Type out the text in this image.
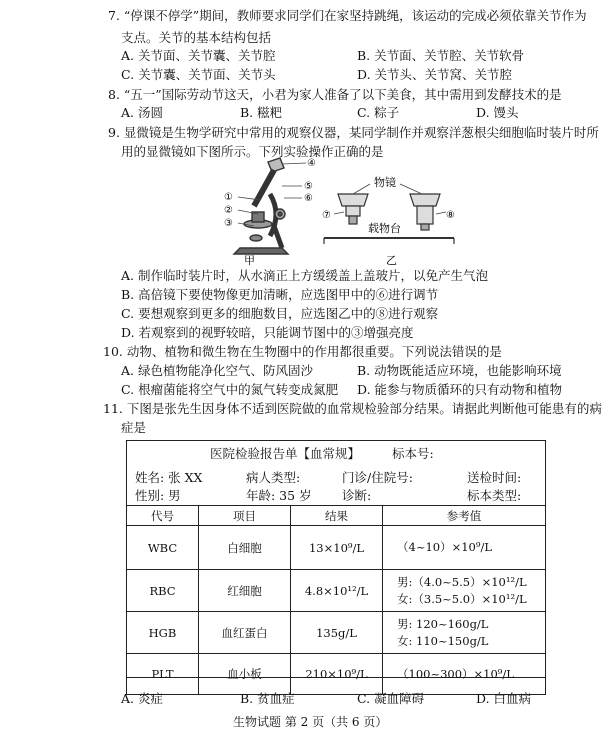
7. “停课不停学”期间，教师要求同学们在家坚持跳绳，该运动的完成必须依靠关节作为
支点。关节的基本结构包括
A. 关节面、关节囊、关节腔	B. 关节面、关节腔、关节软骨
C. 关节囊、关节面、关节头	D. 关节头、关节窝、关节腔
8. “五一”国际劳动节这天，小君为家人准备了以下美食，其中需用到发酵技术的是
A. 汤圆	B. 糍粑	C. 粽子	D. 馒头
9. 显微镜是生物学研究中常用的观察仪器，某同学制作并观察洋葱根尖细胞临时装片时所
用的显微镜如下图所示。下列实验操作正确的是
①
②
③
④
⑤
⑥
甲
物镜
载物台
⑦	⑧
乙
A. 制作临时装片时，从水滴正上方缓缓盖上盖玻片，以免产生气泡
B. 高倍镜下要使物像更加清晰，应选图甲中的⑥进行调节
C. 要想观察到更多的细胞数目，应选图乙中的⑧进行观察
D. 若观察到的视野较暗，只能调节图中的③增强亮度
10. 动物、植物和微生物在生物圈中的作用都很重要。下列说法错误的是
A. 绿色植物能净化空气、防风固沙	B. 动物既能适应环境，也能影响环境
C. 根瘤菌能将空气中的氮气转变成氮肥 D. 能参与物质循环的只有动物和植物
11. 下图是张先生因身体不适到医院做的血常规检验部分结果。请据此判断他可能患有的病
症是
医院检验报告单【血常规】	标本号:
姓名: 张 XX	病人类型:	门诊/住院号:	送检时间:
性别: 男	年龄: 35 岁 诊断:	标本类型:
代号	项目	结果	参考值
WBC	白细胞	13×10⁹/L	（4~10）×10⁹/L

RBC	红细胞	4.8×10¹²/L	男:（4.0~5.5）×10¹²/L
女:（3.5~5.0）×10¹²/L

HGB	血红蛋白	135g/L	男: 120~160g/L
女: 110~150g/L

PLT	血小板	210×10⁹/L	（100~300）×10⁹/L
A. 炎症	B. 贫血症	C. 凝血障碍	D. 白血病
生物试题 第 2 页（共 6 页）
